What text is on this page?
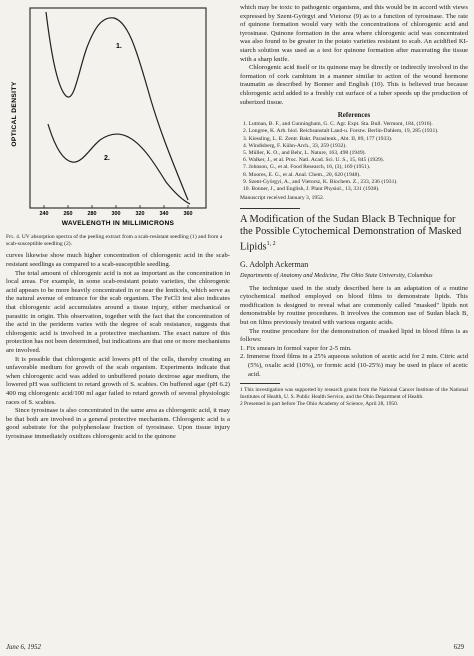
OPTICAL DENSITY
240	260	280	300	320	340	360
WAVELENGTH IN MILLIMICRONS
1.
2.
Fig. 4. UV absorption spectra of the peeling extract from a scab-resistant seedling (1) and from a scab-susceptible seedling (2).

curves likewise show much higher concentration of chlorogenic acid in the scab-resistant seedlings as compared to a scab-susceptible seedling.

The total amount of chlorogenic acid is not as important as the concentration in local areas. For example, in some scab-resistant potato varieties, the chlorogenic acid appears to be more heavily concentrated in or near the lenticels, which serve as the natural avenue of entrance for the scab organism. The FeCl3 test also indicates that chlorogenic acid accumulates around a tissue injury, either mechanical or parasitic in origin. This observation, together with the fact that the concentration of the acid in the periderm varies with the degree of scab resistance, suggests that chlorogenic acid is involved in a protective mechanism. The exact nature of this protection has not been determined, but indications are that one or more mechanisms are involved.

It is possible that chlorogenic acid lowers pH of the cells, thereby creating an unfavorable medium for growth of the scab organism. Experiments indicate that when chlorogenic acid was added to unbuffered potato dextrose agar medium, the lowered pH was sufficient to retard growth of S. scabies. On buffered agar (pH 6.2) 400 mg chlorogenic acid/100 ml agar failed to retard growth of several physiologic races of S. scabies.

Since tyrosinase is also concentrated in the same area as chlorogenic acid, it may be that both are involved in a general protective mechanism. Chlorogenic acid is a good substrate for the polyphenolase fraction of tyrosinase. Upon tissue injury tyrosinase immediately oxidizes chlorogenic acid to the quinone

which may be toxic to pathogenic organisms, and this would be in accord with views expressed by Szent-Györgyi and Vietorsz (9) as to a function of tyrosinase. The rate of quinone formation would vary with the concentrations of chlorogenic acid and tyrosinase. Quinone formation in the area where chlorogenic acid was concentrated was also found to be greater in the potato varieties resistant to scab. An acidified KI-starch solution was used as a test for quinone formation after macerating the tissue with a sharp knife.

Chlorogenic acid itself or its quinone may be directly or indirectly involved in the formation of cork cambium in a manner similar to action of the wound hormone traumatin as described by Bonner and English (10). This is believed true because chlorogenic acid added to a freshly cut surface of a tuber speeds up the production of suberized tissue.

References
1. Lutman, B. F., and Cunningham, G. C. Agr. Expt. Sta. Bull. Vermont, 184, (1916).
2. Longree, K. Arb. biol. Reichsanstalt Land-u. Forstw. Berlin-Dahlem, 19, 285 (1931).
3. Kiessling, L. E. Zentr. Bakt. Parasitenk., Abt. II, 89, 177 (1933).
4. Windisberg, F. Kühn-Arch., 33, 259 (1932).
5. Müller, K. O., and Behr, L. Nature, 163, 498 (1949).
6. Walker, J., et al. Proc. Natl. Acad. Sci. U. S., 15, 845 (1929).
7. Johnson, G., et al. Food Research, 16, (3), 169 (1951).
8. Moores, E. G., et al. Anal. Chem., 20, 620 (1948).
9. Szent-Györgyi, A., and Vietorsz, K. Biochem. Z., 233, 236 (1931).
10. Bonner, J., and English, J. Plant Physiol., 13, 331 (1938).
Manuscript received January 3, 1952.
A Modification of the Sudan Black B Technique for the Possible Cytochemical Demonstration of Masked Lipids$^{1, 2}$
G. Adolph Ackerman
Departments of Anatomy and Medicine, The Ohio State University, Columbus

The technique used in the study described here is an adaptation of a routine cytochemical method employed on blood films to demonstrate lipids. This modification is designed to reveal what are commonly called "masked" lipids not demonstrable by routine procedures. It involves the common use of Sudan black B, but on films previously treated with various organic acids.

The routine procedure for the demonstration of masked lipid in blood films is as follows:

1. Fix smears in formol vapor for 2-5 min.
2. Immerse fixed films in a 25% aqueous solution of acetic acid for 2 min. Citric acid (5%), oxalic acid (10%), or formic acid (10-25%) may be used in place of acetic acid.
1 This investigation was supported by research grants from the National Cancer Institute of the National Institutes of Health, U. S. Public Health Service, and the Ohio Department of Health.
2 Presented in part before The Ohio Academy of Science, April 28, 1950.
June 6, 1952	629
